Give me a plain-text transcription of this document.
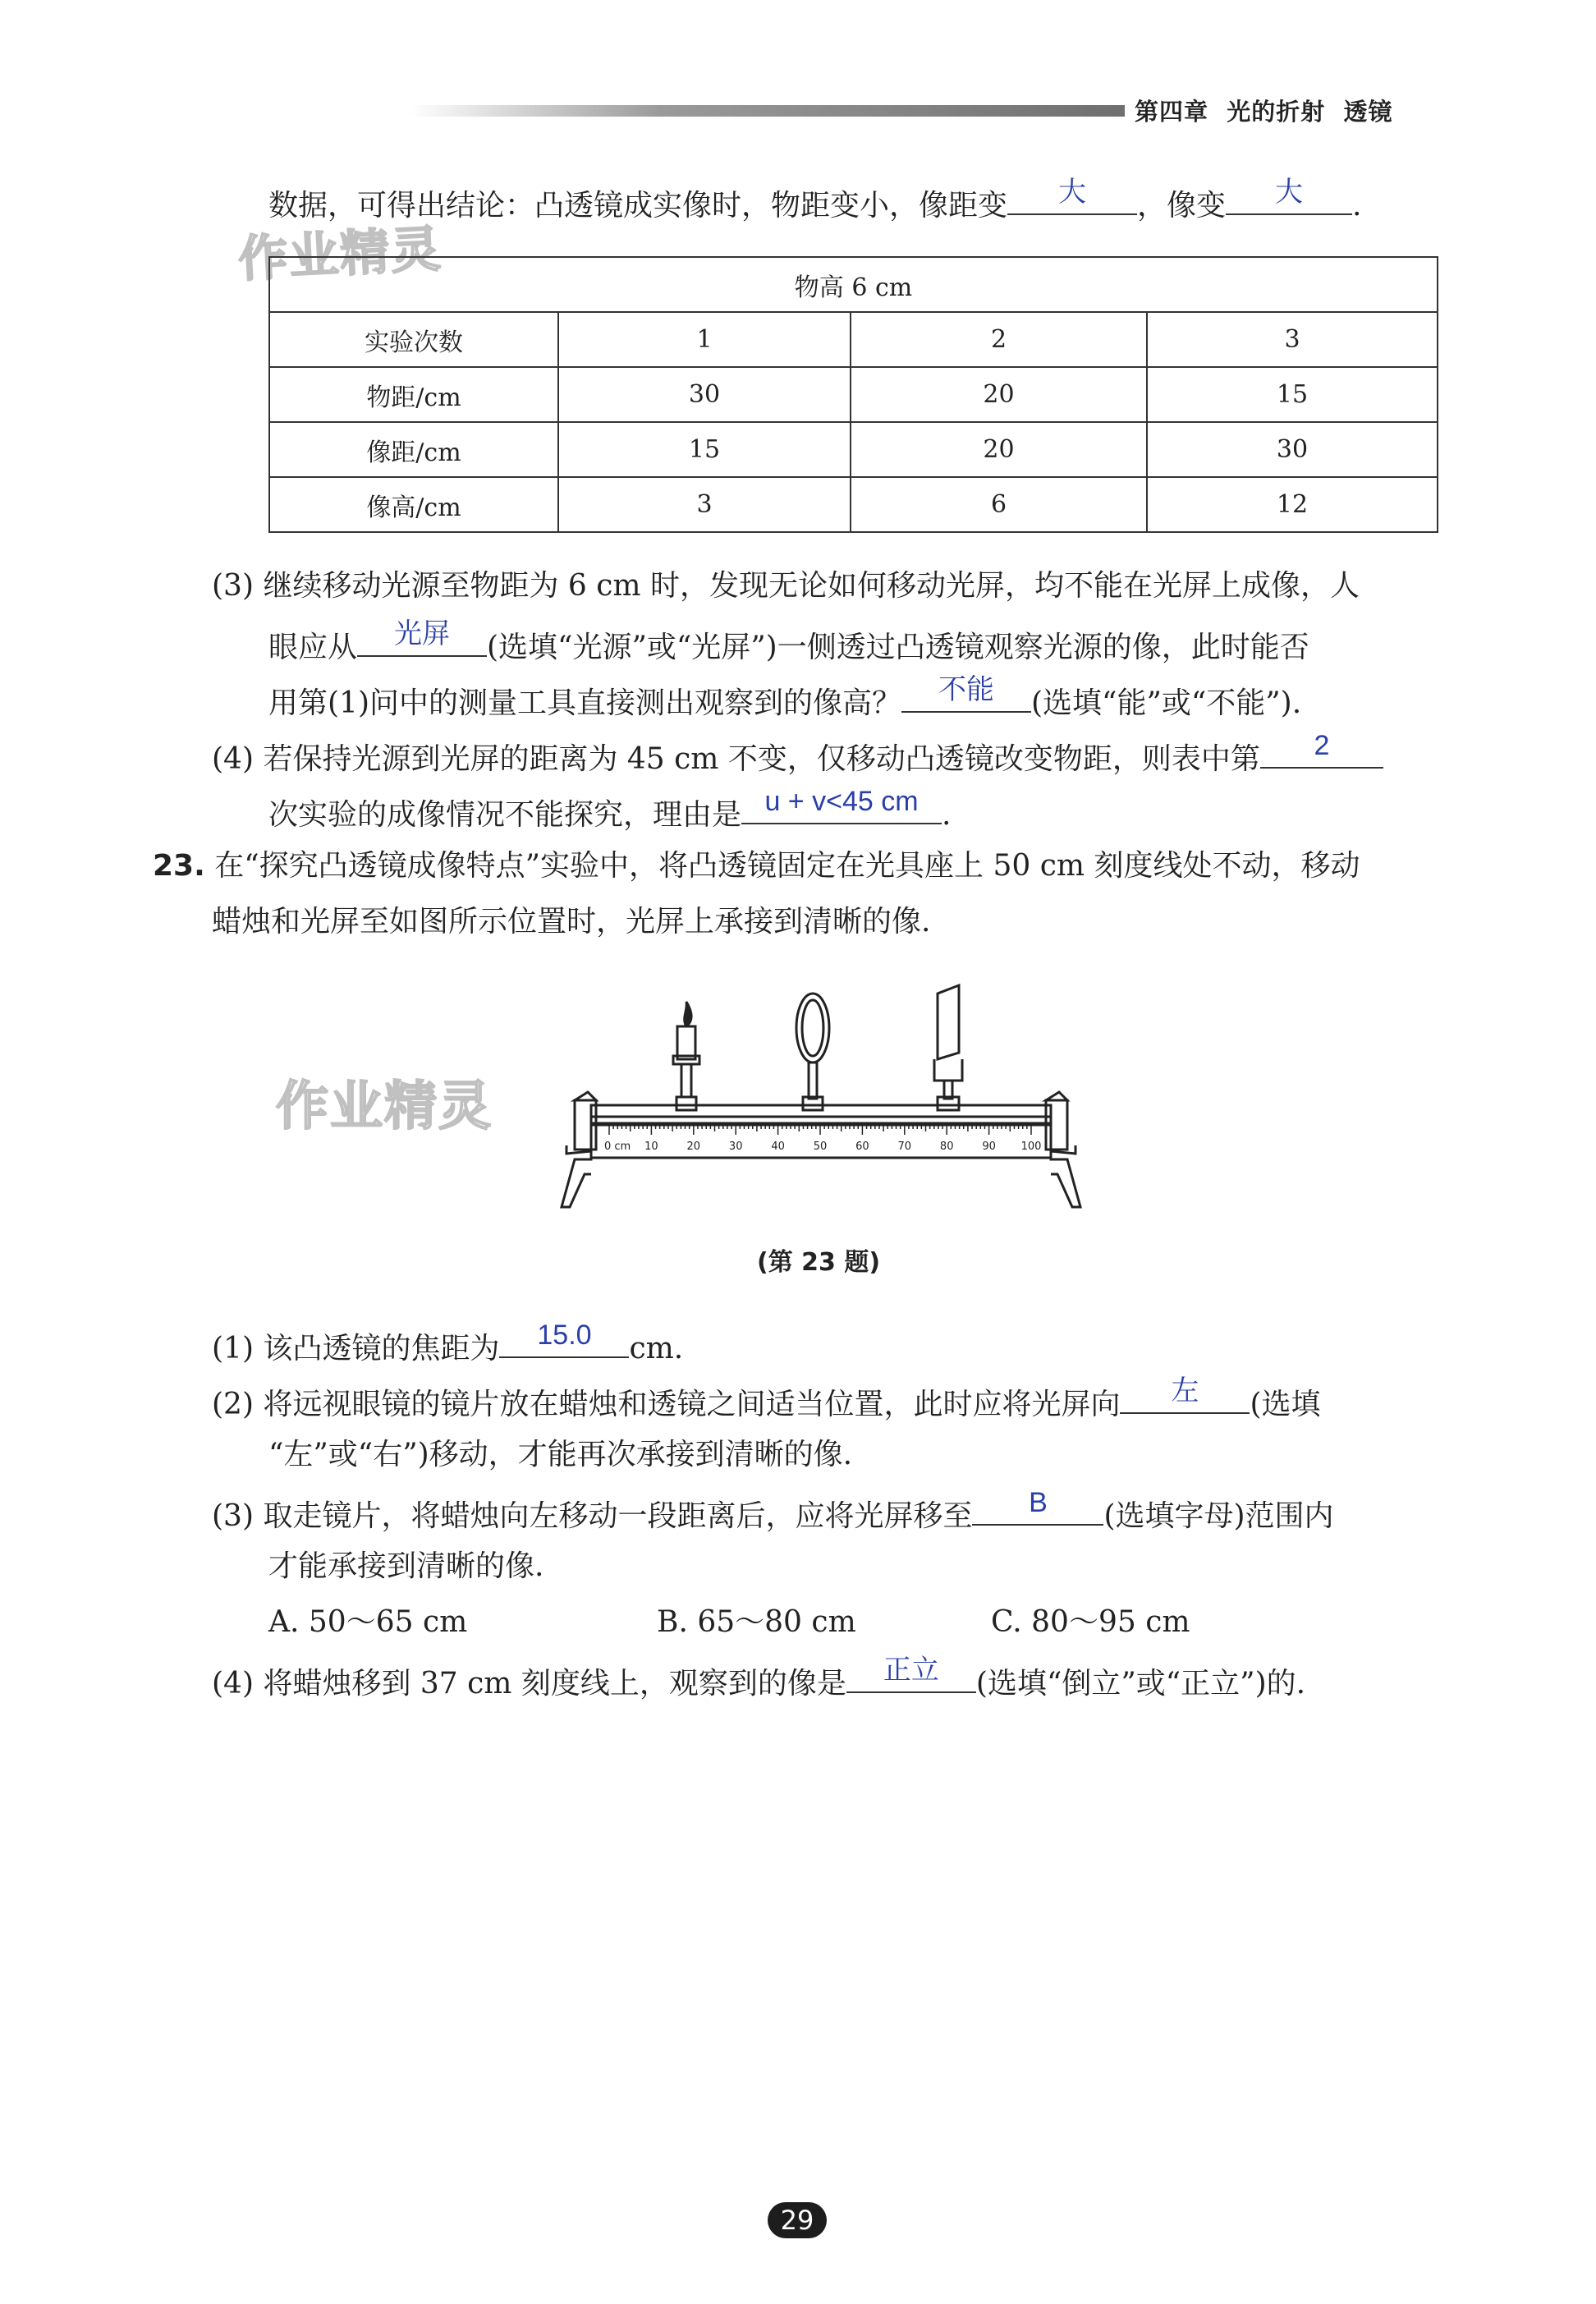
第四章 光的折射 透镜
作业精灵
数据，可得出结论：凸透镜成实像时，物距变小，像距变	大	，像变	大	.
物高 6 cm			
实验次数	1	2	3
物距/cm	30	20	15
像距/cm	15	20	30
像高/cm	3	6	12
(3) 继续移动光源至物距为 6 cm 时，发现无论如何移动光屏，均不能在光屏上成像，人
眼应从	光屏	(选填“光源”或“光屏”)一侧透过凸透镜观察光源的像，此时能否
用第(1)问中的测量工具直接测出观察到的像高？	不能	(选填“能”或“不能”).
(4) 若保持光源到光屏的距离为 45 cm 不变，仅移动凸透镜改变物距，则表中第	2
次实验的成像情况不能探究，理由是 u + v<45 cm .
23. 在“探究凸透镜成像特点”实验中，将凸透镜固定在光具座上 50 cm 刻度线处不动，移动
蜡烛和光屏至如图所示位置时，光屏上承接到清晰的像.
作业精灵
0 cm 10	20	30	40	50	60	70	80	90 100
(第 23 题)
(1) 该凸透镜的焦距为	15.0	cm.
(2) 将远视眼镜的镜片放在蜡烛和透镜之间适当位置，此时应将光屏向	左	(选填
“左”或“右”)移动，才能再次承接到清晰的像.
(3) 取走镜片，将蜡烛向左移动一段距离后，应将光屏移至	B	(选填字母)范围内
才能承接到清晰的像.
A. 50～65 cm	B. 65～80 cm	C. 80～95 cm
(4) 将蜡烛移到 37 cm 刻度线上，观察到的像是	正立	(选填“倒立”或“正立”)的.
29
